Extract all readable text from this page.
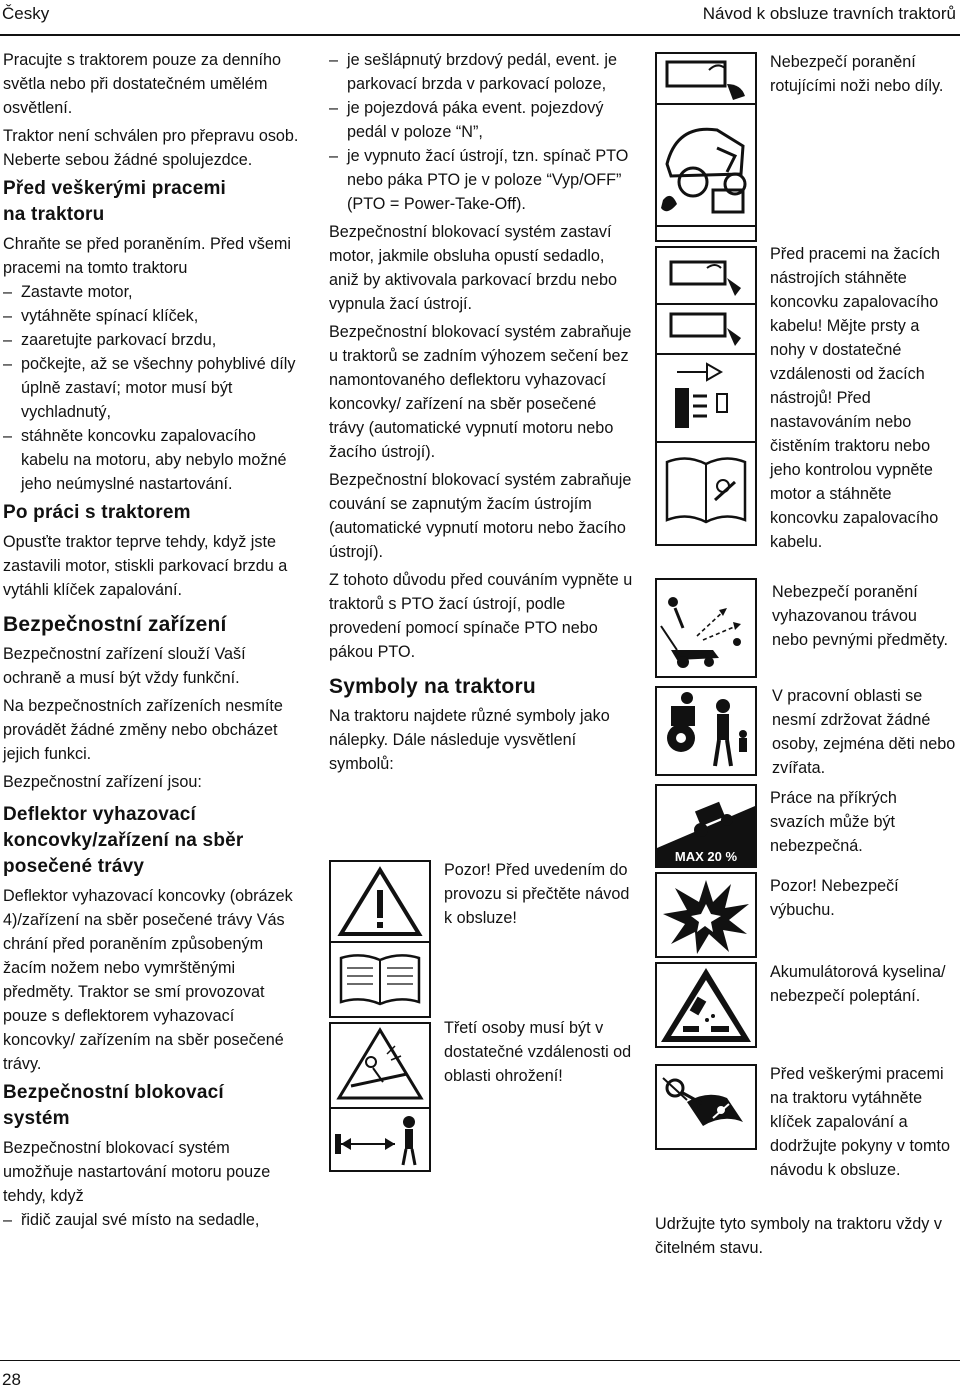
Česky	Návod k obsluze travních traktorů

Pracujte s traktorem pouze za denního světla nebo při dostatečném umělém osvětlení.

Traktor není schválen pro přepravu osob. Neberte sebou žádné spolujezdce.

Před veškerými pracemi na traktoru

Chraňte se před poraněním. Před všemi pracemi na tomto traktoru

– Zastavte motor,
– vytáhněte spínací klíček,
– zaaretujte parkovací brzdu,
– počkejte, až se všechny pohyblivé díly úplně zastaví; motor musí být vychladnutý,
– stáhněte koncovku zapalovacího kabelu na motoru, aby nebylo možné jeho neúmyslné nastartování.
Po práci s traktorem

Opusťte traktor teprve tehdy, když jste zastavili motor, stiskli parkovací brzdu a vytáhli klíček zapalování.

Bezpečnostní zařízení

Bezpečnostní zařízení slouží Vaší ochraně a musí být vždy funkční.

Na bezpečnostních zařízeních nesmíte provádět žádné změny nebo obcházet jejich funkci.

Bezpečnostní zařízení jsou:

Deflektor vyhazovací koncovky/zařízení na sběr posečené trávy

Deflektor vyhazovací koncovky (obrázek 4)/zařízení na sběr posečené trávy Vás chrání před poraněním způsobeným žacím nožem nebo vymrštěnými předměty. Traktor se smí provozovat pouze s deflektorem vyhazovací koncovky/ zařízením na sběr posečené trávy.

Bezpečnostní blokovací systém

Bezpečnostní blokovací systém umožňuje nastartování motoru pouze tehdy, když

– řidič zaujal své místo na sedadle,
– je sešlápnutý brzdový pedál, event. je parkovací brzda v parkovací poloze,
– je pojezdová páka event. pojezdový pedál v poloze “N”,
– je vypnuto žací ústrojí, tzn. spínač PTO nebo páka PTO je v poloze “Vyp/OFF” (PTO = Power-Take-Off).

Bezpečnostní blokovací systém zastaví motor, jakmile obsluha opustí sedadlo, aniž by aktivovala parkovací brzdu nebo vypnula žací ústrojí.

Bezpečnostní blokovací systém zabraňuje u traktorů se zadním výhozem sečení bez namontovaného deflektoru vyhazovací koncovky/ zařízení na sběr posečené trávy (automatické vypnutí motoru nebo žacího ústrojí).

Bezpečnostní blokovací systém zabraňuje couvání se zapnutým žacím ústrojím (automatické vypnutí motoru nebo žacího ústrojí).

Z tohoto důvodu před couváním vypněte u traktorů s PTO žací ústrojí, podle provedení pomocí spínače PTO nebo pákou PTO.

Symboly na traktoru

Na traktoru najdete různé symboly jako nálepky. Dále následuje vysvětlení symbolů:

Pozor! Před uvedením do provozu si přečtěte návod k obsluze!
Třetí osoby musí být v dostatečné vzdálenosti od oblasti ohrožení!
Nebezpečí poranění rotujícími noži nebo díly.
Před pracemi na žacích nástrojích stáhněte koncovku zapalovacího kabelu! Mějte prsty a nohy v dostatečné vzdálenosti od žacích nástrojů! Před nastavováním nebo čistěním traktoru nebo jeho kontrolou vypněte motor a stáhněte koncovku zapalovacího kabelu.
Nebezpečí poranění vyhazovanou trávou nebo pevnými předměty.
V pracovní oblasti se nesmí zdržovat žádné osoby, zejména děti nebo zvířata.
MAX 20 %
Práce na příkrých svazích může být nebezpečná.
Pozor! Nebezpečí výbuchu.
Akumulátorová kyselina/ nebezpečí poleptání.
Před veškerými pracemi na traktoru vytáhněte klíček zapalování a dodržujte pokyny v tomto návodu k obsluze.
Udržujte tyto symboly na traktoru vždy v čitelném stavu.
28
